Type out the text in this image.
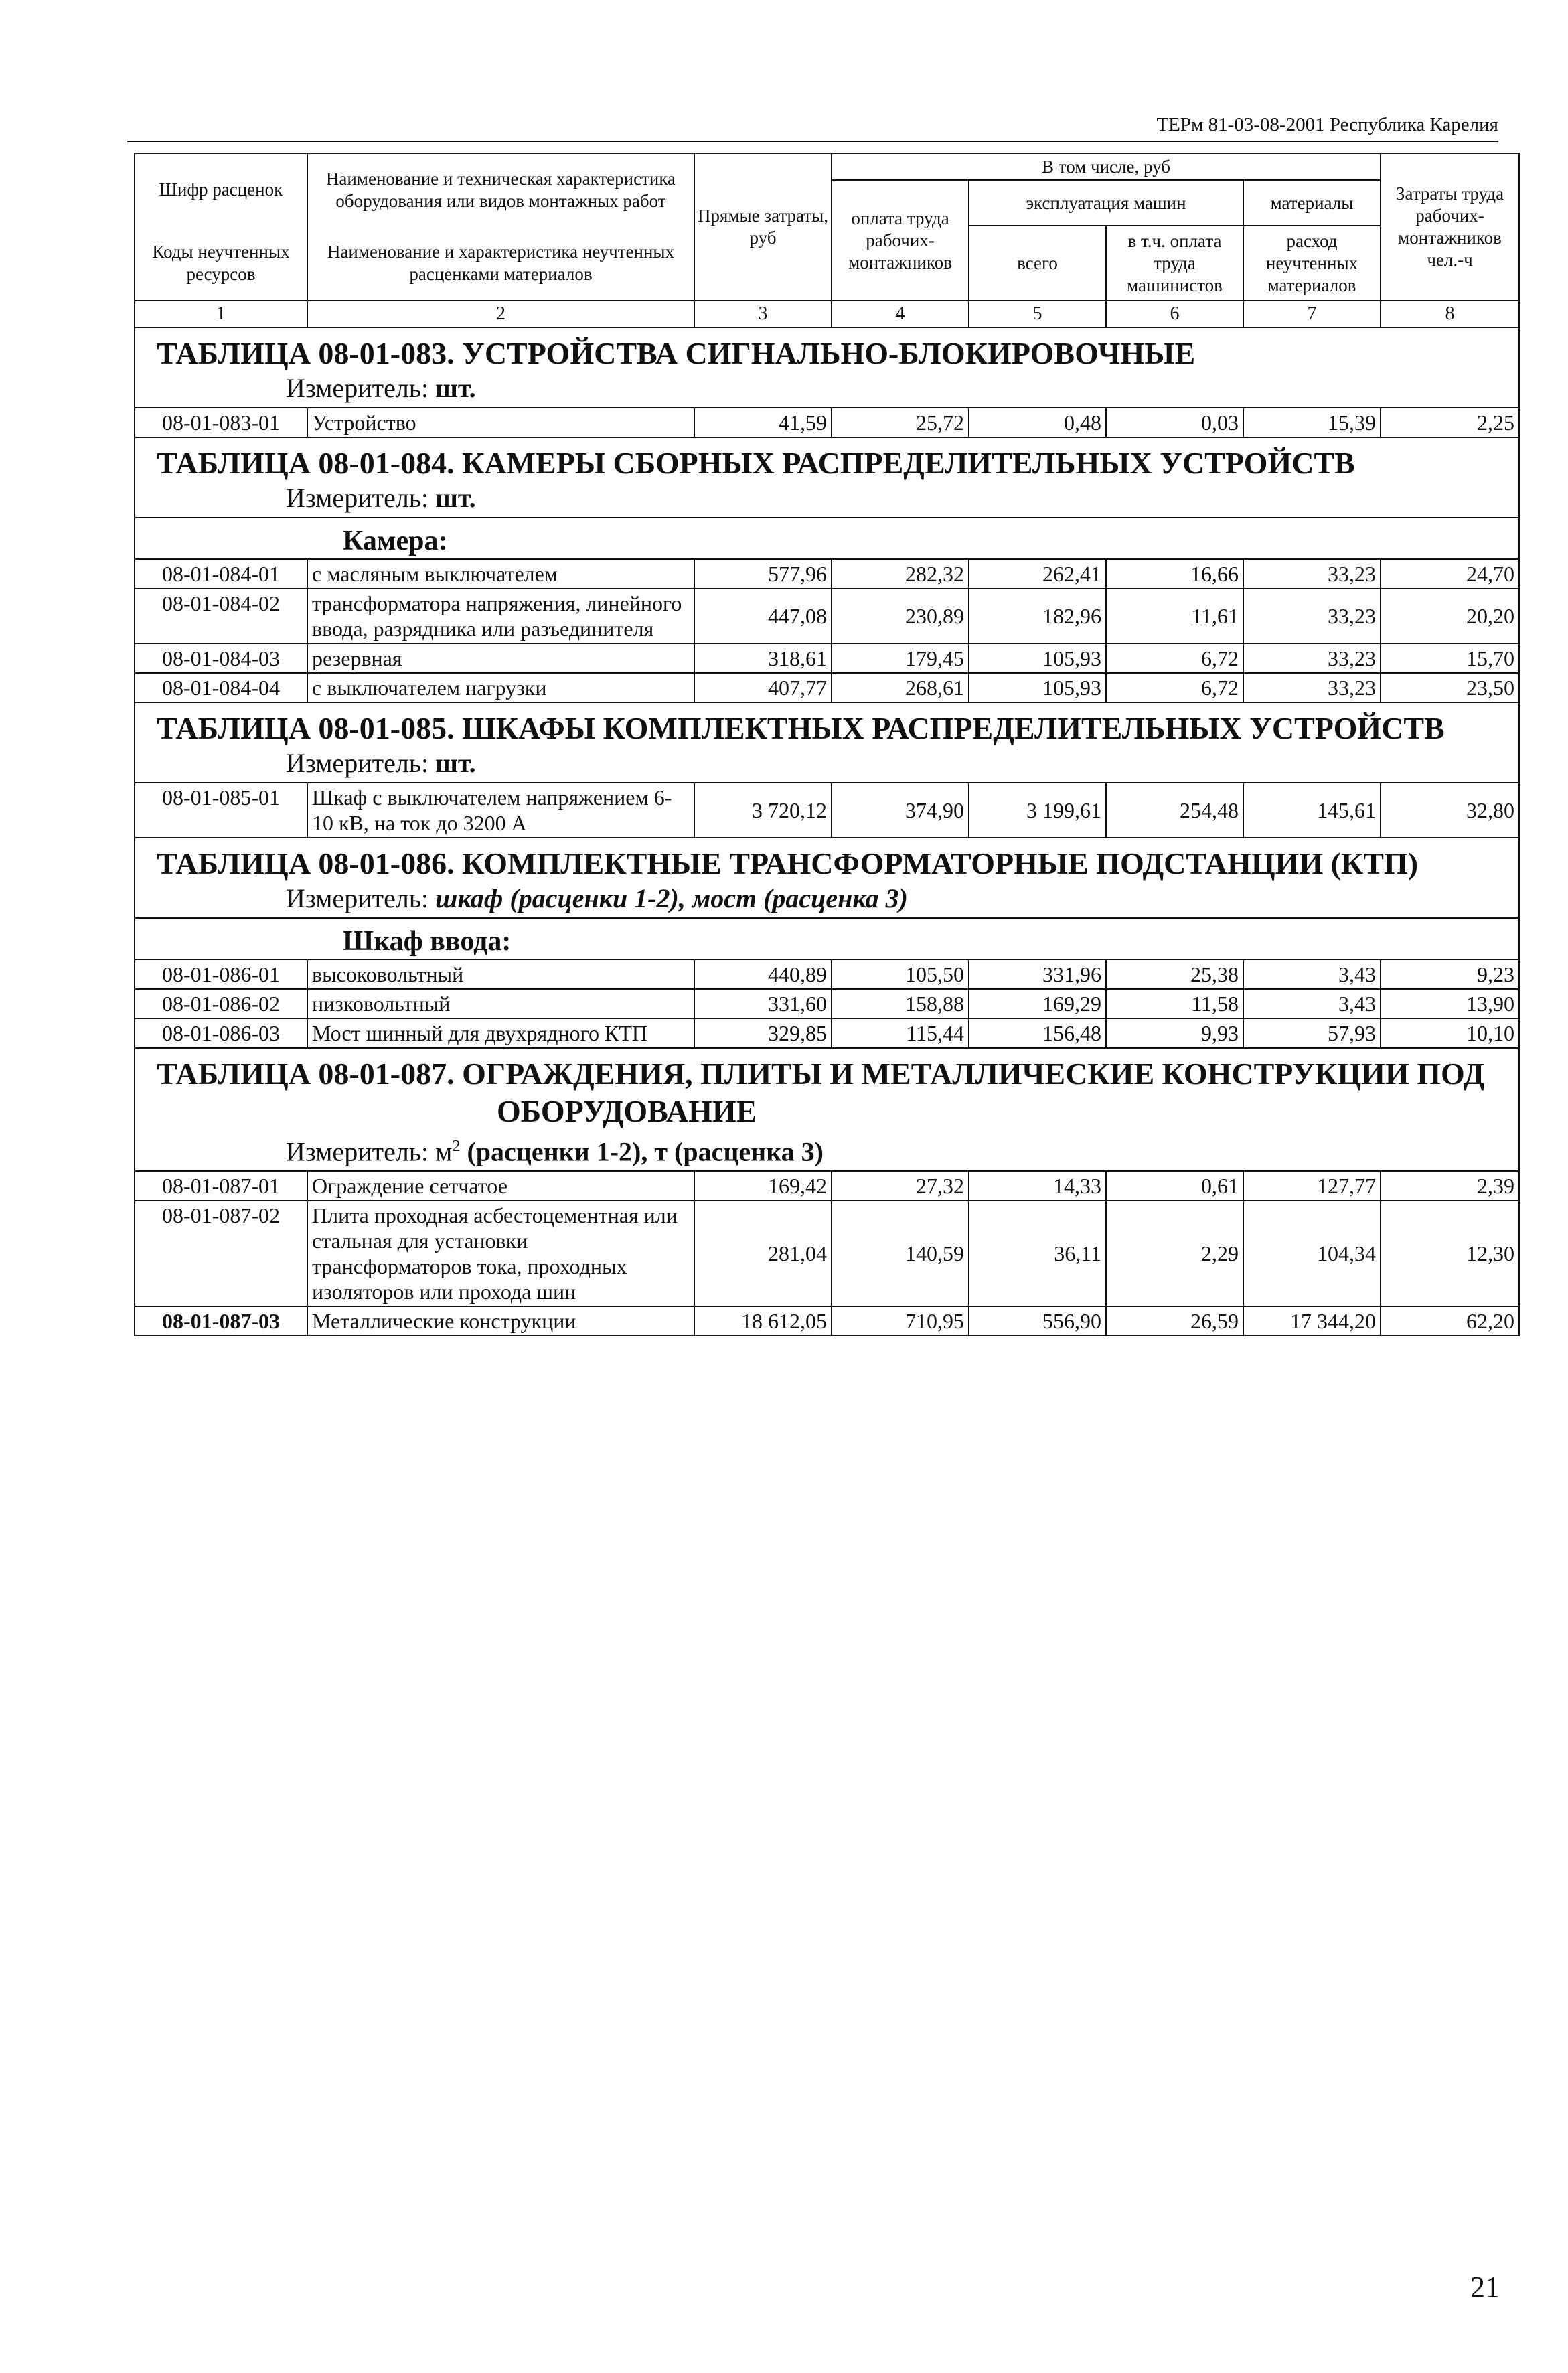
ТЕРм 81-03-08-2001 Республика Карелия
Шифр расценок	Наименование и техническая характеристика оборудования или видов монтажных работ	Прямые затраты, руб	В том числе, руб				Затраты труда рабочих-монтажников чел.-ч
			оплата труда рабочих-монтажников	эксплуатация машин		материалы	

Коды неучтенных ресурсов	Наименование и характеристика неучтенных расценками материалов			всего	в т.ч. оплата труда машинистов	расход неучтенных материалов	

1	2	3	4	5	6	7	8

ТАБЛИЦА 08-01-083. УСТРОЙСТВА СИГНАЛЬНО-БЛОКИРОВОЧНЫЕ
Измеритель: шт.							

08-01-083-01	Устройство	41,59	25,72	0,48	0,03	15,39	2,25

ТАБЛИЦА 08-01-084. КАМЕРЫ СБОРНЫХ РАСПРЕДЕЛИТЕЛЬНЫХ УСТРОЙСТВ
Измеритель: шт.							

Камера:							

08-01-084-01	с масляным выключателем	577,96	282,32	262,41	16,66	33,23	24,70
08-01-084-02	трансформатора напряжения, линейного ввода, разрядника или разъединителя	447,08	230,89	182,96	11,61	33,23	20,20
08-01-084-03	резервная	318,61	179,45	105,93	6,72	33,23	15,70
08-01-084-04	с выключателем нагрузки	407,77	268,61	105,93	6,72	33,23	23,50

ТАБЛИЦА 08-01-085. ШКАФЫ КОМПЛЕКТНЫХ РАСПРЕДЕЛИТЕЛЬНЫХ УСТРОЙСТВ
Измеритель: шт.							

08-01-085-01	Шкаф с выключателем напряжением 6-10 кВ, на ток до 3200 А	3 720,12	374,90	3 199,61	254,48	145,61	32,80

ТАБЛИЦА 08-01-086. КОМПЛЕКТНЫЕ ТРАНСФОРМАТОРНЫЕ ПОДСТАНЦИИ (КТП)
Измеритель: шкаф (расценки 1-2), мост (расценка 3)							

Шкаф ввода:							

08-01-086-01	высоковольтный	440,89	105,50	331,96	25,38	3,43	9,23
08-01-086-02	низковольтный	331,60	158,88	169,29	11,58	3,43	13,90
08-01-086-03	Мост шинный для двухрядного КТП	329,85	115,44	156,48	9,93	57,93	10,10

ТАБЛИЦА 08-01-087. ОГРАЖДЕНИЯ, ПЛИТЫ И МЕТАЛЛИЧЕСКИЕ КОНСТРУКЦИИ ПОД
ОБОРУДОВАНИЕ
Измеритель: $м^2$ (расценки 1-2), т (расценка 3)							

08-01-087-01	Ограждение сетчатое	169,42	27,32	14,33	0,61	127,77	2,39
08-01-087-02	Плита проходная асбестоцементная или стальная для установки трансформаторов тока, проходных изоляторов или прохода шин	281,04	140,59	36,11	2,29	104,34	12,30
08-01-087-03	Металлические конструкции	18 612,05	710,95	556,90	26,59	17 344,20	62,20
21
